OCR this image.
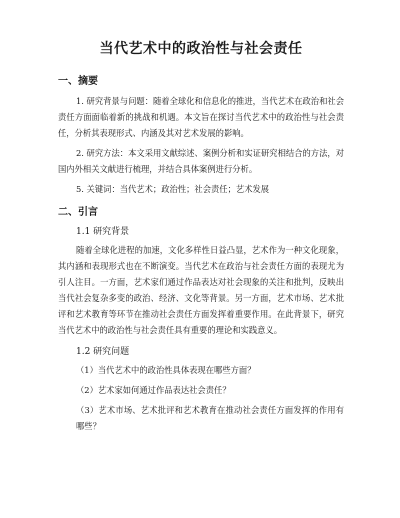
当代艺术中的政治性与社会责任
一、摘要

1. 研究背景与问题：随着全球化和信息化的推进，当代艺术在政治和社会责任方面面临着新的挑战和机遇。本文旨在探讨当代艺术中的政治性与社会责任，分析其表现形式、内涵及其对艺术发展的影响。

2. 研究方法：本文采用文献综述、案例分析和实证研究相结合的方法，对国内外相关文献进行梳理，并结合具体案例进行分析。

5. 关键词：当代艺术；政治性；社会责任；艺术发展

二、引言
1.1 研究背景

随着全球化进程的加速，文化多样性日益凸显，艺术作为一种文化现象，其内涵和表现形式也在不断演变。当代艺术在政治与社会责任方面的表现尤为引人注目。一方面，艺术家们通过作品表达对社会现象的关注和批判，反映出当代社会复杂多变的政治、经济、文化等背景。另一方面，艺术市场、艺术批评和艺术教育等环节在推动社会责任方面发挥着重要作用。在此背景下，研究当代艺术中的政治性与社会责任具有重要的理论和实践意义。

1.2 研究问题

（1）当代艺术中的政治性具体表现在哪些方面？

（2）艺术家如何通过作品表达社会责任？

（3）艺术市场、艺术批评和艺术教育在推动社会责任方面发挥的作用有哪些？
